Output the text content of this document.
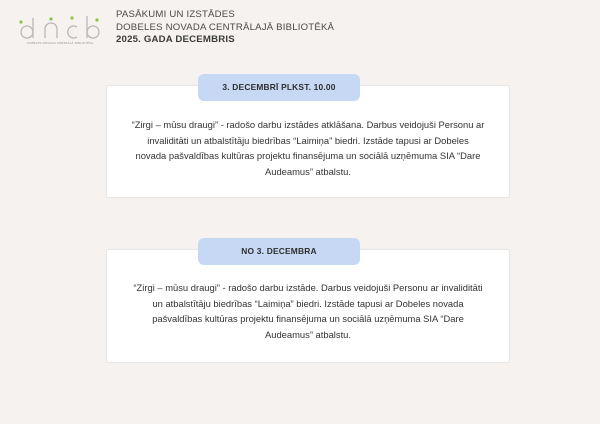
DOBELES NOVADA CENTRĀLĀ BIBLIOTĒKA
PASĀKUMI UN IZSTĀDES
DOBELES NOVADA CENTRĀLAJĀ BIBLIOTĒKĀ
2025. GADA DECEMBRIS
3. DECEMBRĪ PLKST. 10.00
“Zirgi – mūsu draugi” - radošo darbu izstādes atklāšana. Darbus veidojuši Personu ar invaliditāti un atbalstītāju biedrības “Laimiņa” biedri. Izstāde tapusi ar Dobeles novada pašvaldības kultūras projektu finansējuma un sociālā uzņēmuma SIA “Dare Audeamus” atbalstu.
NO 3. DECEMBRA
“Zirgi – mūsu draugi” - radošo darbu izstāde. Darbus veidojuši Personu ar invaliditāti un atbalstītāju biedrības “Laimiņa” biedri. Izstāde tapusi ar Dobeles novada pašvaldības kultūras projektu finansējuma un sociālā uzņēmuma SIA “Dare Audeamus” atbalstu.
